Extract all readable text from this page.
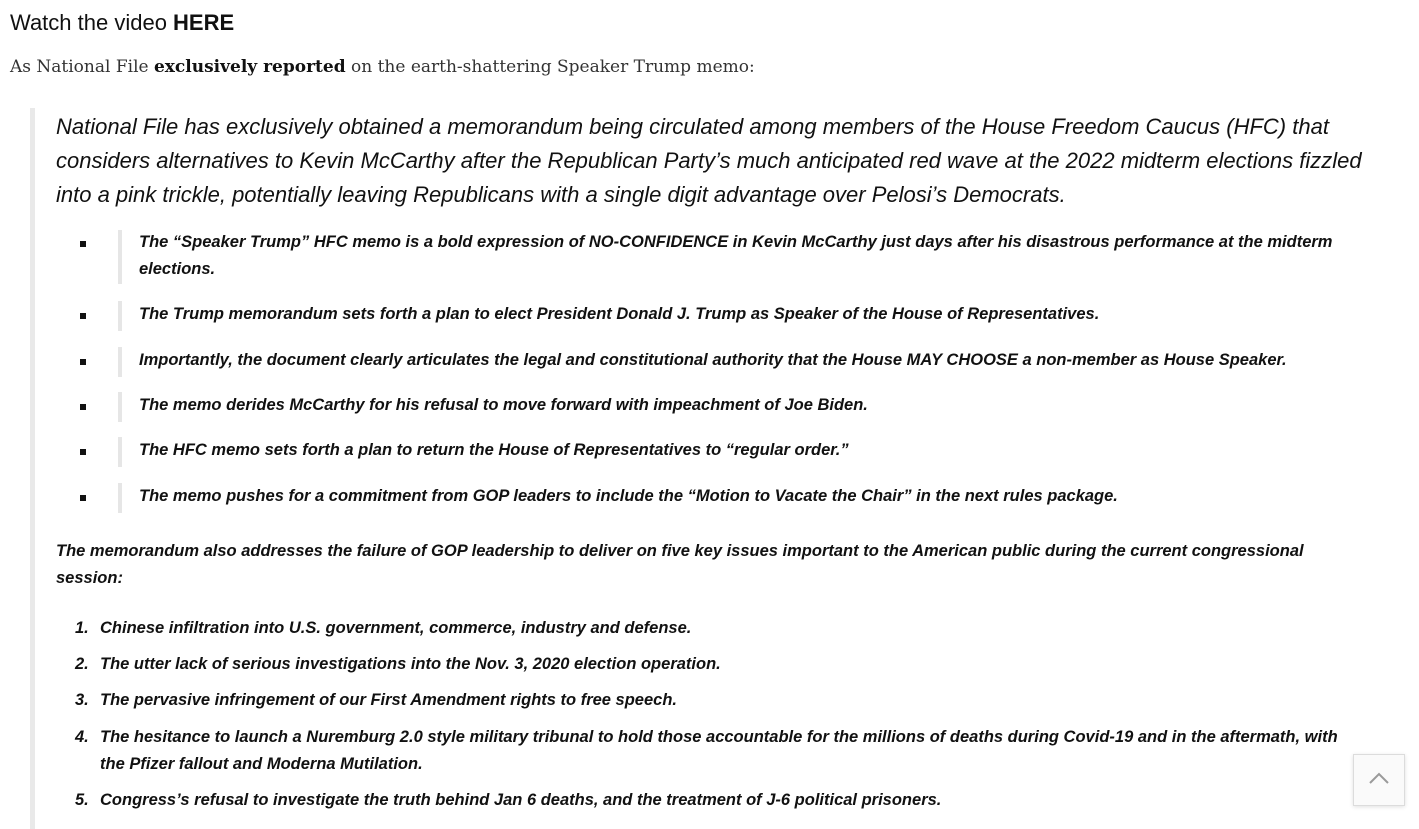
Watch the video HERE
As National File exclusively reported on the earth-shattering Speaker Trump memo:

National File has exclusively obtained a memorandum being circulated among members of the House Freedom Caucus (HFC) that considers alternatives to Kevin McCarthy after the Republican Party’s much anticipated red wave at the 2022 midterm elections fizzled into a pink trickle, potentially leaving Republicans with a single digit advantage over Pelosi’s Democrats.

The “Speaker Trump” HFC memo is a bold expression of NO-CONFIDENCE in Kevin McCarthy just days after his disastrous performance at the midterm elections.
The Trump memorandum sets forth a plan to elect President Donald J. Trump as Speaker of the House of Representatives.
Importantly, the document clearly articulates the legal and constitutional authority that the House MAY CHOOSE a non-member as House Speaker.
The memo derides McCarthy for his refusal to move forward with impeachment of Joe Biden.
The HFC memo sets forth a plan to return the House of Representatives to “regular order.”
The memo pushes for a commitment from GOP leaders to include the “Motion to Vacate the Chair” in the next rules package.

The memorandum also addresses the failure of GOP leadership to deliver on five key issues important to the American public during the current congressional session:

1. Chinese infiltration into U.S. government, commerce, industry and defense.
2. The utter lack of serious investigations into the Nov. 3, 2020 election operation.
3. The pervasive infringement of our First Amendment rights to free speech.
4. The hesitance to launch a Nuremburg 2.0 style military tribunal to hold those accountable for the millions of deaths during Covid-19 and in the aftermath, with the Pfizer fallout and Moderna Mutilation.
5. Congress’s refusal to investigate the truth behind Jan 6 deaths, and the treatment of J-6 political prisoners.
